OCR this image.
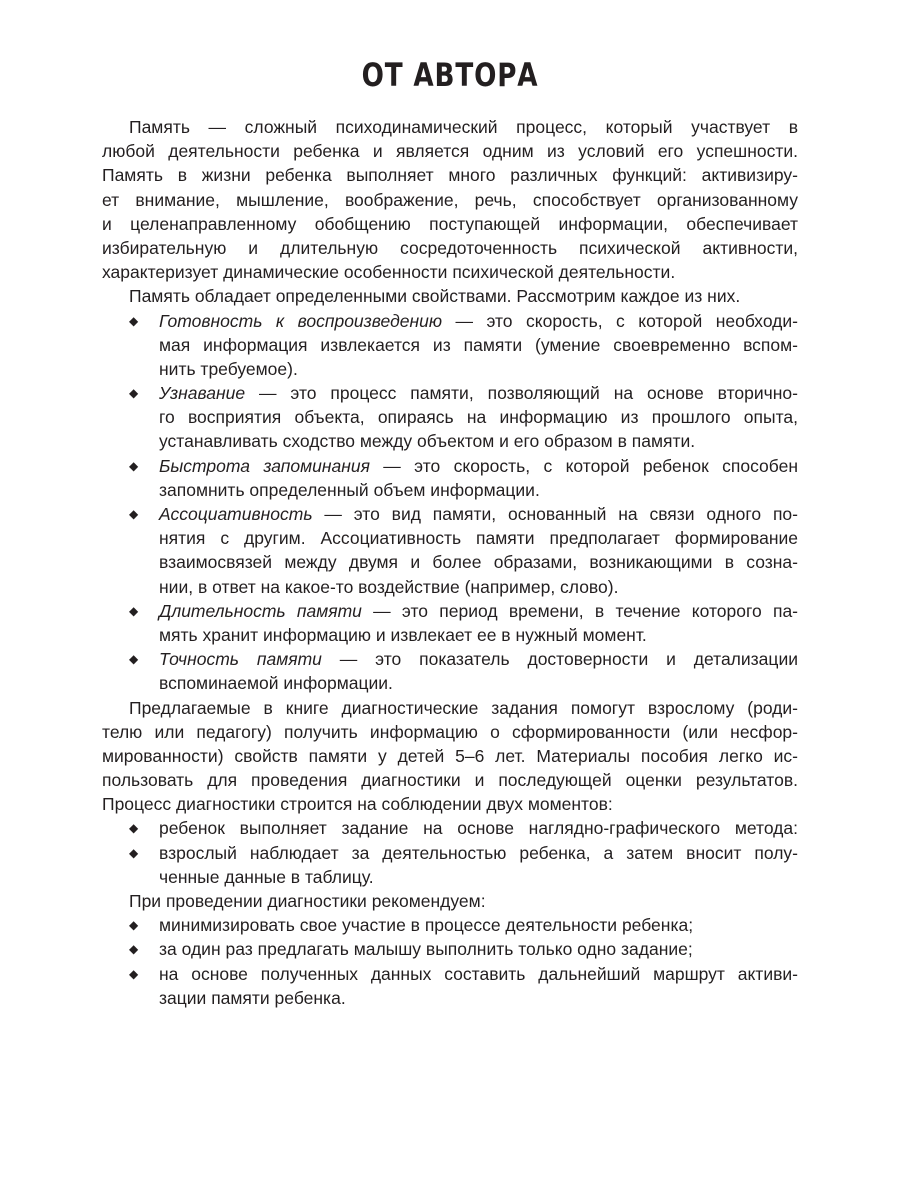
ОТ АВТОРА
Память — сложный психодинамический процесс, который участвует в
любой деятельности ребенка и является одним из условий его успешности.
Память в жизни ребенка выполняет много различных функций: активизиру-
ет внимание, мышление, воображение, речь, способствует организованному
и целенаправленному обобщению поступающей информации, обеспечивает
избирательную и длительную сосредоточенность психической активности,
характеризует динамические особенности психической деятельности.
Память обладает определенными свойствами. Рассмотрим каждое из них.
◆	Готовность к воспроизведению — это скорость, с которой необходи-
мая информация извлекается из памяти (умение своевременно вспом-
нить требуемое).
◆	Узнавание — это процесс памяти, позволяющий на основе вторично-
го восприятия объекта, опираясь на информацию из прошлого опыта,
устанавливать сходство между объектом и его образом в памяти.
◆	Быстрота запоминания — это скорость, с которой ребенок способен
запомнить определенный объем информации.
◆	Ассоциативность — это вид памяти, основанный на связи одного по-
нятия с другим. Ассоциативность памяти предполагает формирование
взаимосвязей между двумя и более образами, возникающими в созна-
нии, в ответ на какое-то воздействие (например, слово).
◆	Длительность памяти — это период времени, в течение которого па-
мять хранит информацию и извлекает ее в нужный момент.
◆	Точность памяти — это показатель достоверности и детализации
вспоминаемой информации.
Предлагаемые в книге диагностические задания помогут взрослому (роди-
телю или педагогу) получить информацию о сформированности (или несфор-
мированности) свойств памяти у детей 5–6 лет. Материалы пособия легко ис-
пользовать для проведения диагностики и последующей оценки результатов.
Процесс диагностики строится на соблюдении двух моментов:
◆	ребенок выполняет задание на основе наглядно-графического метода:
◆	взрослый наблюдает за деятельностью ребенка, а затем вносит полу-
ченные данные в таблицу.
При проведении диагностики рекомендуем:
◆	минимизировать свое участие в процессе деятельности ребенка;
◆	за один раз предлагать малышу выполнить только одно задание;
◆	на основе полученных данных составить дальнейший маршрут активи-
зации памяти ребенка.
